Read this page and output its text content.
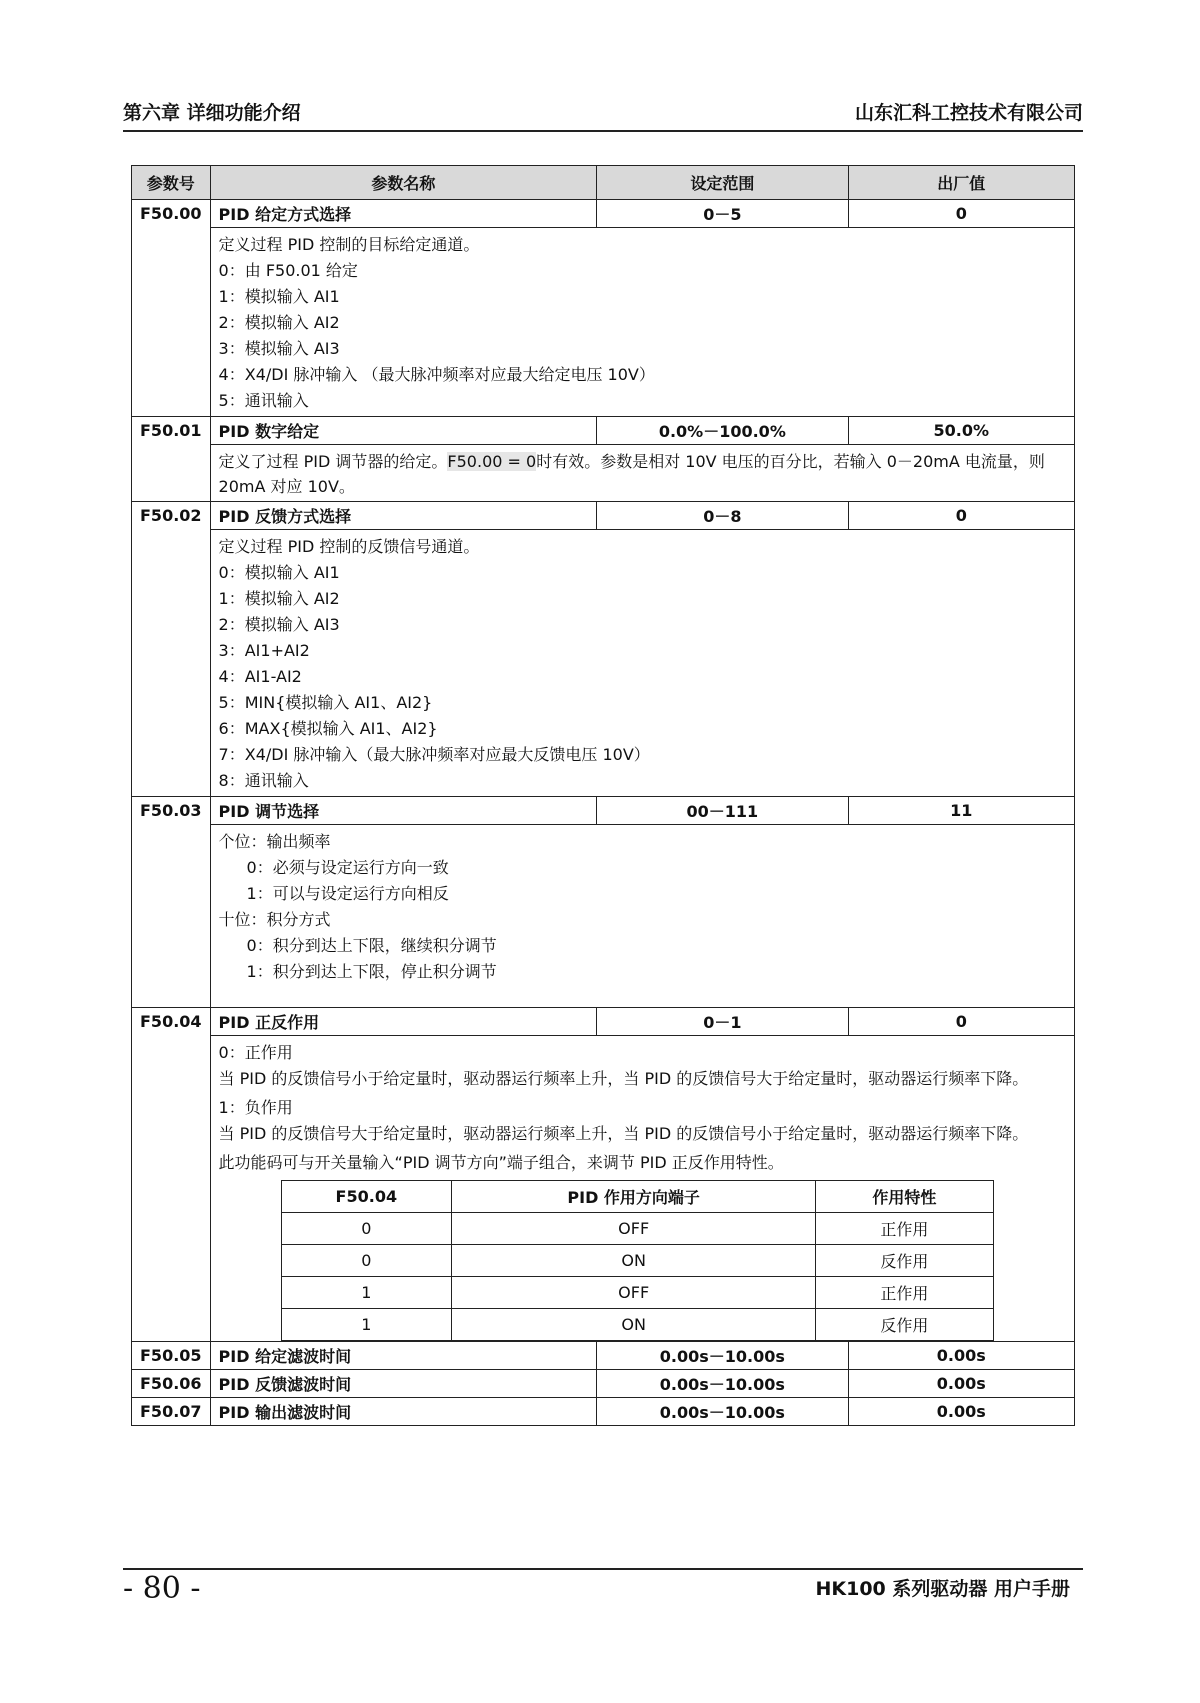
第六章 详细功能介绍	山东汇科工控技术有限公司
参数号	参数名称	设定范围	出厂值
F50.00	PID 给定方式选择	0－5	0

定义过程 PID 控制的目标给定通道。
0：由 F50.01 给定
1：模拟输入 AI1
2：模拟输入 AI2
3：模拟输入 AI3
4：X4/DI 脉冲输入 （最大脉冲频率对应最大给定电压 10V）
5：通讯输入

F50.01	PID 数字给定	0.0%－100.0%	50.0%

定义了过程 PID 调节器的给定。F50.00 = 0时有效。参数是相对 10V 电压的百分比，若输入 0－20mA 电流量，则 20mA 对应 10V。

F50.02	PID 反馈方式选择	0－8	0

定义过程 PID 控制的反馈信号通道。
0：模拟输入 AI1
1：模拟输入 AI2
2：模拟输入 AI3
3：AI1+AI2
4：AI1-AI2
5：MIN{模拟输入 AI1、AI2}
6：MAX{模拟输入 AI1、AI2}
7：X4/DI 脉冲输入（最大脉冲频率对应最大反馈电压 10V）
8：通讯输入

F50.03	PID 调节选择	00－111	11

个位：输出频率
0：必须与设定运行方向一致
1：可以与设定运行方向相反
十位：积分方式
0：积分到达上下限，继续积分调节
1：积分到达上下限，停止积分调节

F50.04	PID 正反作用	0－1	0

0：正作用
当 PID 的反馈信号小于给定量时，驱动器运行频率上升，当 PID 的反馈信号大于给定量时，驱动器运行频率下降。
1：负作用
当 PID 的反馈信号大于给定量时，驱动器运行频率上升，当 PID 的反馈信号小于给定量时，驱动器运行频率下降。
此功能码可与开关量输入“PID 调节方向”端子组合，来调节 PID 正反作用特性。
F50.04	PID 作用方向端子	作用特性
0	OFF	正作用
0	ON	反作用
1	OFF	正作用
1	ON	反作用

F50.05	PID 给定滤波时间	0.00s－10.00s	0.00s
F50.06	PID 反馈滤波时间	0.00s－10.00s	0.00s
F50.07	PID 输出滤波时间	0.00s－10.00s	0.00s
- 80 -	HK100 系列驱动器 用户手册
